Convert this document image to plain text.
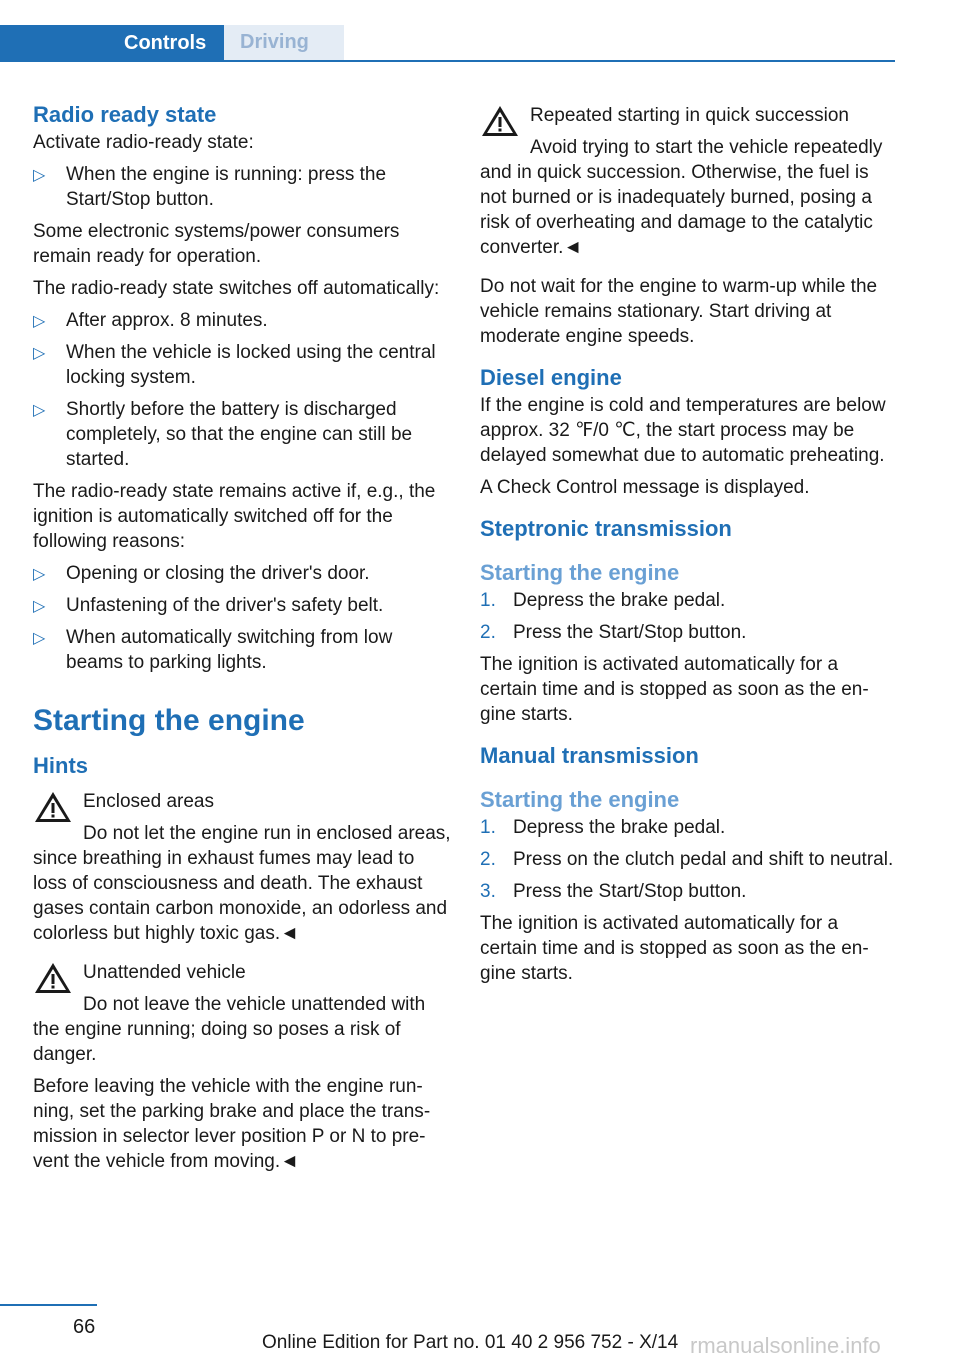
Controls	Driving

Radio ready state

Activate radio-ready state:

▷ When the engine is running: press the Start/Stop button.

Some electronic systems/power consumers remain ready for operation.

The radio-ready state switches off automatically:

▷ After approx. 8 minutes.
▷ When the vehicle is locked using the central locking system.
▷ Shortly before the battery is discharged completely, so that the engine can still be started.

The radio-ready state remains active if, e.g., the ignition is automatically switched off for the following reasons:

▷ Opening or closing the driver's door.
▷ Unfastening of the driver's safety belt.
▷ When automatically switching from low beams to parking lights.

Starting the engine

Hints

Enclosed areas
Do not let the engine run in enclosed areas, since breathing in exhaust fumes may lead to loss of consciousness and death. The exhaust gases contain carbon monoxide, an odorless and colorless but highly toxic gas.◄
Unattended vehicle
Do not leave the vehicle unattended with the engine running; doing so poses a risk of danger.

Before leaving the vehicle with the engine running, set the parking brake and place the transmission in selector lever position P or N to prevent the vehicle from moving.◄

Repeated starting in quick succession
Avoid trying to start the vehicle repeatedly and in quick succession. Otherwise, the fuel is not burned or is inadequately burned, posing a risk of overheating and damage to the catalytic converter.◄

Do not wait for the engine to warm-up while the vehicle remains stationary. Start driving at moderate engine speeds.

Diesel engine

If the engine is cold and temperatures are below approx. 32 ℉/0 ℃, the start process may be delayed somewhat due to automatic preheating.

A Check Control message is displayed.

Steptronic transmission

Starting the engine

1. Depress the brake pedal.
2. Press the Start/Stop button.

The ignition is activated automatically for a certain time and is stopped as soon as the engine starts.

Manual transmission

Starting the engine

1. Depress the brake pedal.
2. Press on the clutch pedal and shift to neutral.
3. Press the Start/Stop button.

The ignition is activated automatically for a certain time and is stopped as soon as the engine starts.

66
Online Edition for Part no. 01 40 2 956 752 - X/14 rmanualsonline.info
